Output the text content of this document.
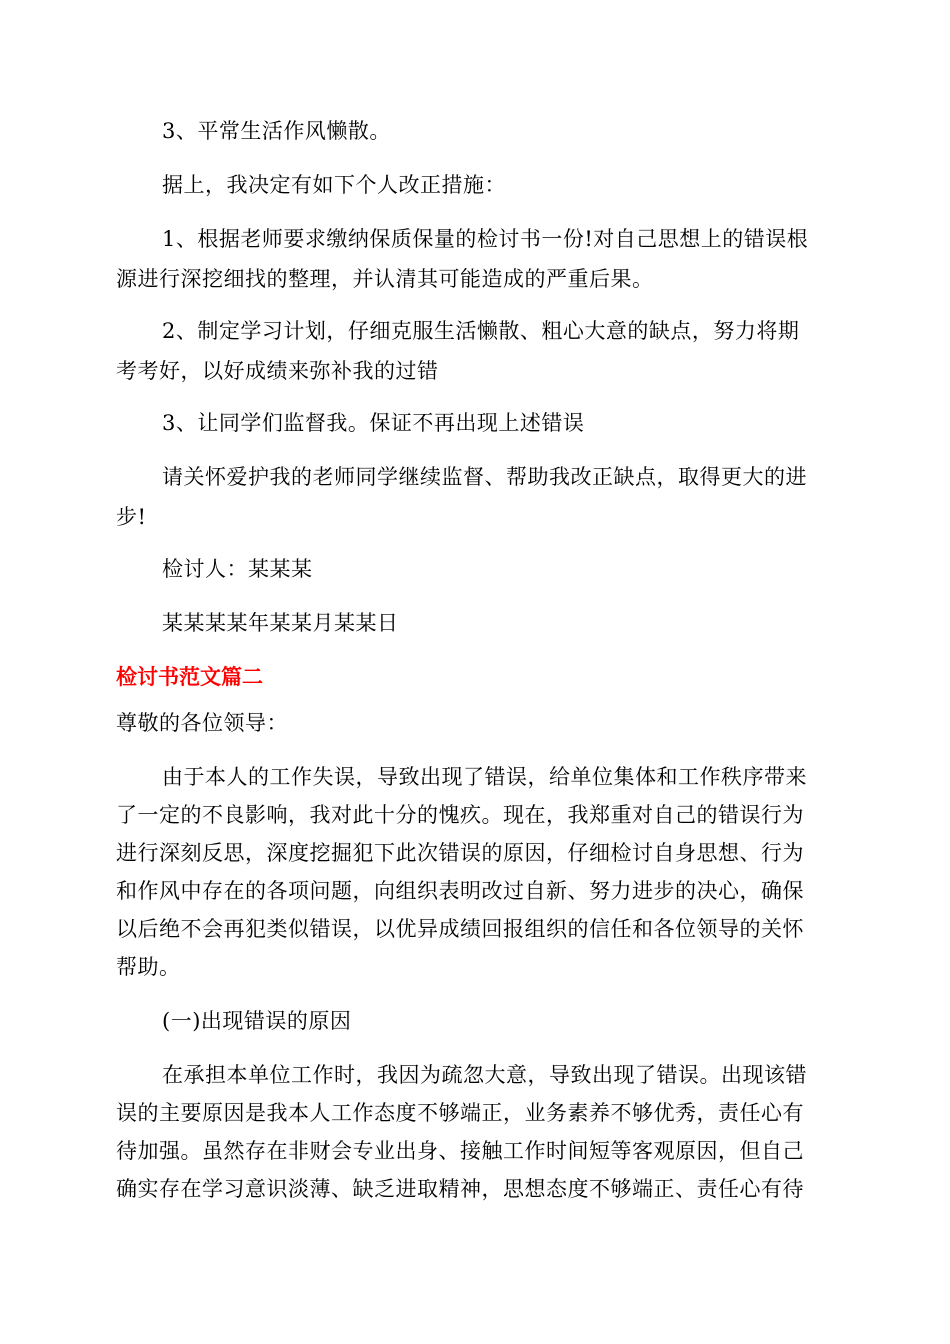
3、平常生活作风懒散。
据上，我决定有如下个人改正措施：
1、根据老师要求缴纳保质保量的检讨书一份!对自己思想上的错误根
源进行深挖细找的整理，并认清其可能造成的严重后果。
2、制定学习计划，仔细克服生活懒散、粗心大意的缺点，努力将期
考考好，以好成绩来弥补我的过错
3、让同学们监督我。保证不再出现上述错误
请关怀爱护我的老师同学继续监督、帮助我改正缺点，取得更大的进
步!
检讨人：某某某
某某某某年某某月某某日
检讨书范文篇二
尊敬的各位领导：
由于本人的工作失误，导致出现了错误，给单位集体和工作秩序带来
了一定的不良影响，我对此十分的愧疚。现在，我郑重对自己的错误行为
进行深刻反思，深度挖掘犯下此次错误的原因，仔细检讨自身思想、行为
和作风中存在的各项问题，向组织表明改过自新、努力进步的决心，确保
以后绝不会再犯类似错误，以优异成绩回报组织的信任和各位领导的关怀
帮助。
(一)出现错误的原因
在承担本单位工作时，我因为疏忽大意，导致出现了错误。出现该错
误的主要原因是我本人工作态度不够端正，业务素养不够优秀，责任心有
待加强。虽然存在非财会专业出身、接触工作时间短等客观原因，但自己
确实存在学习意识淡薄、缺乏进取精神，思想态度不够端正、责任心有待
